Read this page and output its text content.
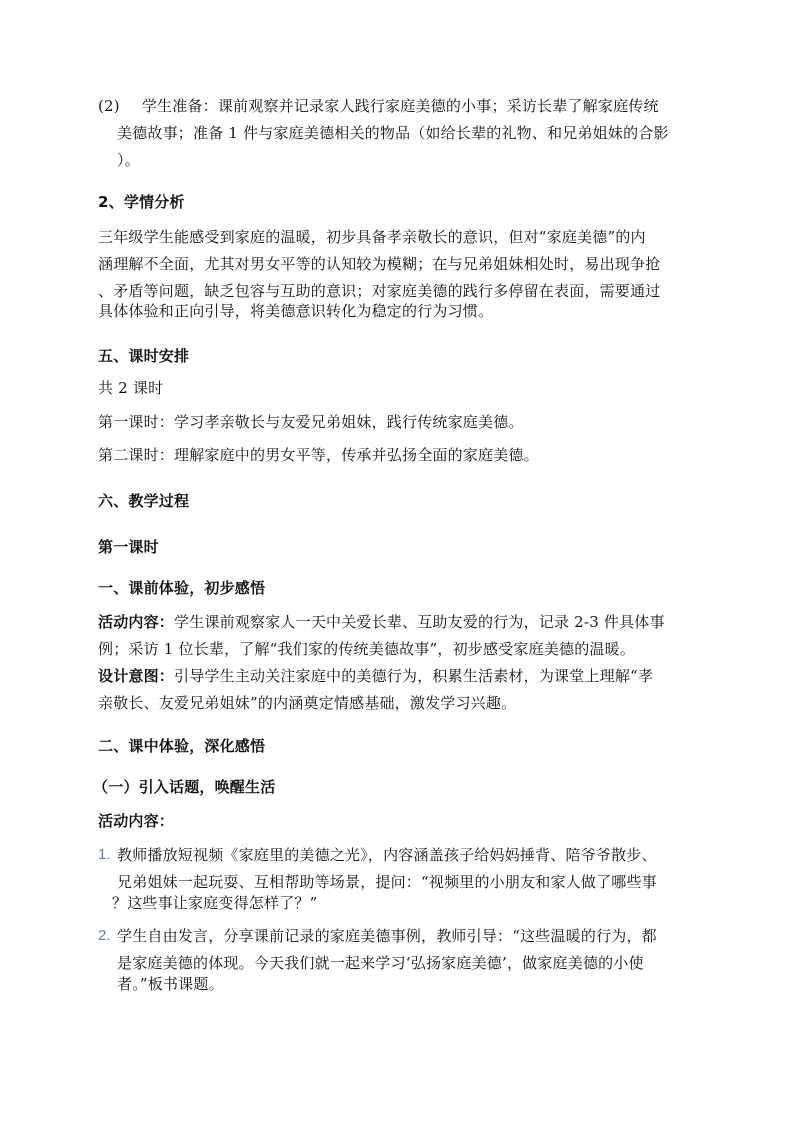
(2) 学生准备：课前观察并记录家人践行家庭美德的小事；采访长辈了解家庭传统
美德故事；准备 1 件与家庭美德相关的物品（如给长辈的礼物、和兄弟姐妹的合影
）。
2、学情分析
三年级学生能感受到家庭的温暖，初步具备孝亲敬长的意识，但对“家庭美德”的内
涵理解不全面，尤其对男女平等的认知较为模糊；在与兄弟姐妹相处时，易出现争抢
、矛盾等问题，缺乏包容与互助的意识；对家庭美德的践行多停留在表面，需要通过
具体体验和正向引导，将美德意识转化为稳定的行为习惯。
五、课时安排
共 2 课时
第一课时：学习孝亲敬长与友爱兄弟姐妹，践行传统家庭美德。
第二课时：理解家庭中的男女平等，传承并弘扬全面的家庭美德。
六、教学过程
第一课时
一、课前体验，初步感悟
活动内容：学生课前观察家人一天中关爱长辈、互助友爱的行为，记录 2-3 件具体事
例；采访 1 位长辈，了解“我们家的传统美德故事”，初步感受家庭美德的温暖。
设计意图：引导学生主动关注家庭中的美德行为，积累生活素材，为课堂上理解“孝
亲敬长、友爱兄弟姐妹”的内涵奠定情感基础，激发学习兴趣。
二、课中体验，深化感悟
（一）引入话题，唤醒生活
活动内容：
1. 教师播放短视频《家庭里的美德之光》，内容涵盖孩子给妈妈捶背、陪爷爷散步、
兄弟姐妹一起玩耍、互相帮助等场景，提问：“视频里的小朋友和家人做了哪些事
？这些事让家庭变得怎样了？”
2. 学生自由发言，分享课前记录的家庭美德事例，教师引导：“这些温暖的行为，都
是家庭美德的体现。今天我们就一起来学习‘弘扬家庭美德’，做家庭美德的小使
者。”板书课题。
